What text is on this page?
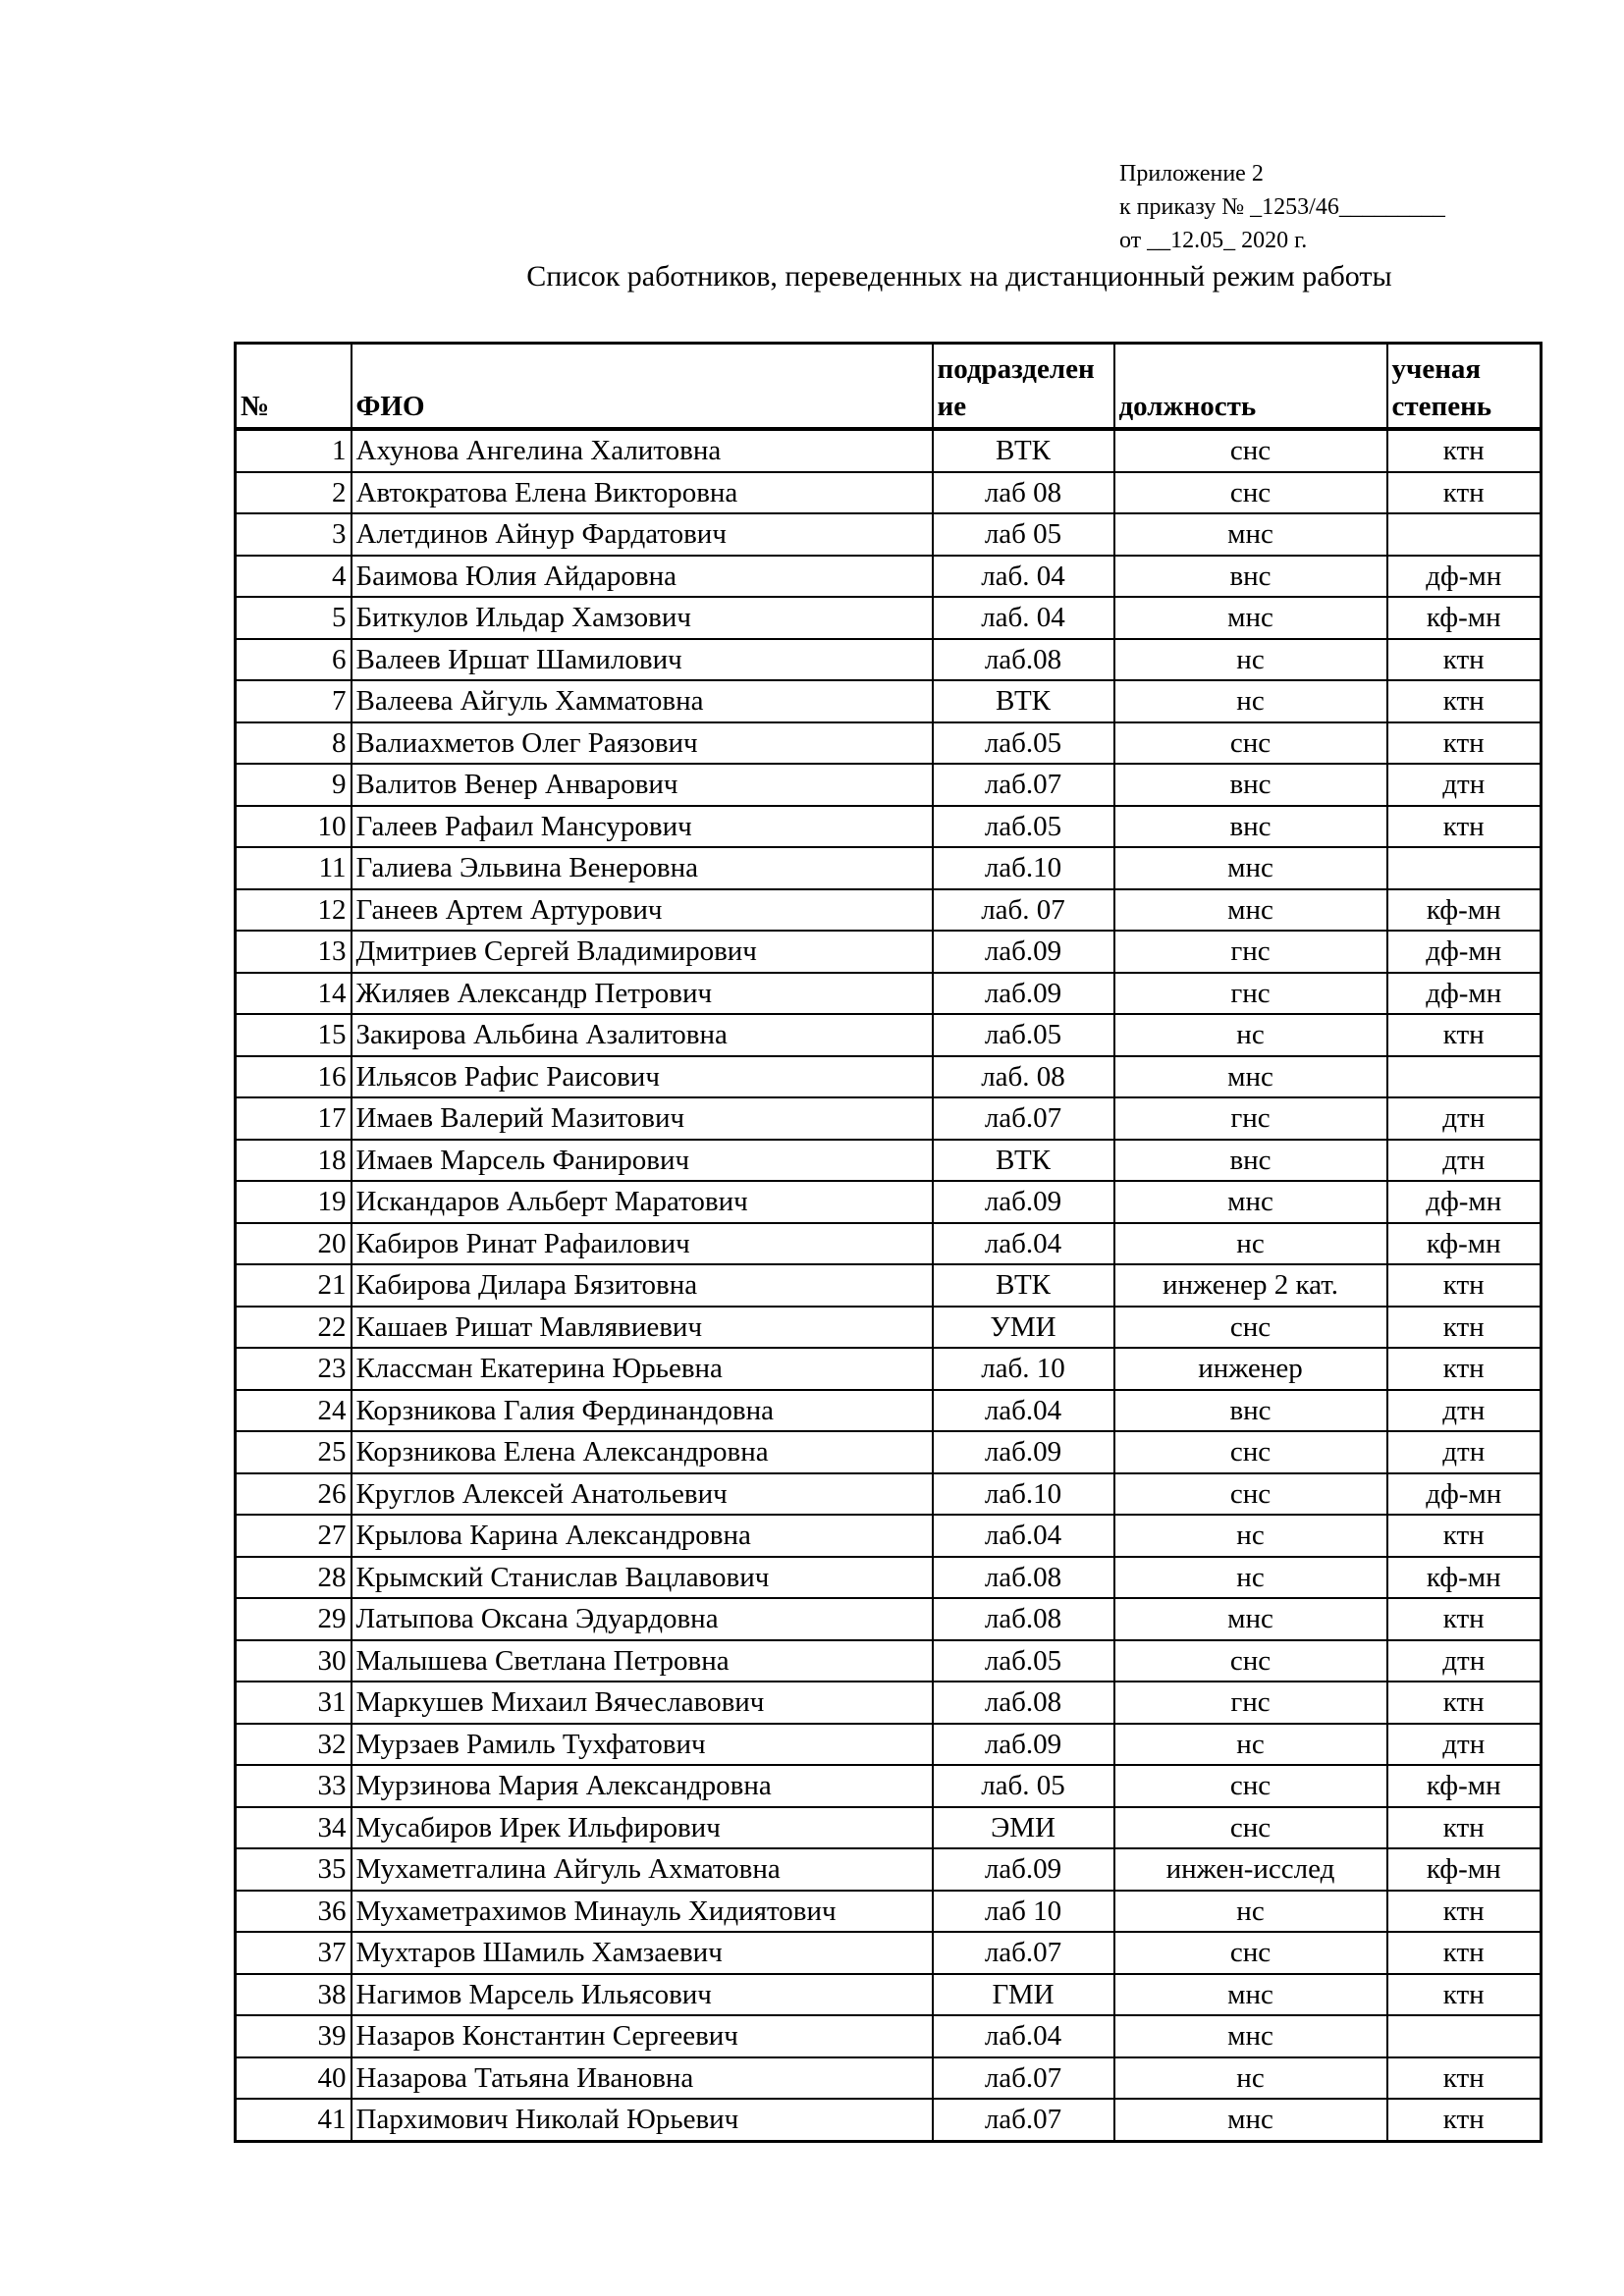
Приложение 2
к приказу № _1253/46_________
от __12.05_ 2020 г.
Список работников, переведенных на дистанционный режим работы
№	ФИО	подразделение	должность	ученая степень
1	Ахунова Ангелина Халитовна	ВТК	снс	ктн
2	Автократова Елена Викторовна	лаб 08	снс	ктн
3	Алетдинов Айнур Фардатович	лаб 05	мнс	
4	Баимова Юлия Айдаровна	лаб. 04	внс	дф-мн
5	Биткулов Ильдар Хамзович	лаб. 04	мнс	кф-мн
6	Валеев Иршат Шамилович	лаб.08	нс	ктн
7	Валеева Айгуль Хамматовна	ВТК	нс	ктн
8	Валиахметов Олег Раязович	лаб.05	снс	ктн
9	Валитов Венер Анварович	лаб.07	внс	дтн
10	Галеев Рафаил Мансурович	лаб.05	внс	ктн
11	Галиева Эльвина Венеровна	лаб.10	мнс	
12	Ганеев Артем Артурович	лаб. 07	мнс	кф-мн
13	Дмитриев Сергей Владимирович	лаб.09	гнс	дф-мн
14	Жиляев Александр Петрович	лаб.09	гнс	дф-мн
15	Закирова Альбина Азалитовна	лаб.05	нс	ктн
16	Ильясов Рафис Раисович	лаб. 08	мнс	
17	Имаев Валерий Мазитович	лаб.07	гнс	дтн
18	Имаев Марсель Фанирович	ВТК	внс	дтн
19	Искандаров Альберт Маратович	лаб.09	мнс	дф-мн
20	Кабиров Ринат Рафаилович	лаб.04	нс	кф-мн
21	Кабирова Дилара Бязитовна	ВТК	инженер 2 кат.	ктн
22	Кашаев Ришат Мавлявиевич	УМИ	снс	ктн
23	Классман Екатерина Юрьевна	лаб. 10	инженер	ктн
24	Корзникова Галия Фердинандовна	лаб.04	внс	дтн
25	Корзникова Елена Александровна	лаб.09	снс	дтн
26	Круглов Алексей Анатольевич	лаб.10	снс	дф-мн
27	Крылова Карина Александровна	лаб.04	нс	ктн
28	Крымский Станислав Вацлавович	лаб.08	нс	кф-мн
29	Латыпова Оксана Эдуардовна	лаб.08	мнс	ктн
30	Малышева Светлана Петровна	лаб.05	снс	дтн
31	Маркушев Михаил Вячеславович	лаб.08	гнс	ктн
32	Мурзаев Рамиль Тухфатович	лаб.09	нс	дтн
33	Мурзинова Мария Александровна	лаб. 05	снс	кф-мн
34	Мусабиров Ирек Ильфирович	ЭМИ	снс	ктн
35	Мухаметгалина Айгуль Ахматовна	лаб.09	инжен-исслед	кф-мн
36	Мухаметрахимов Минауль Хидиятович	лаб 10	нс	ктн
37	Мухтаров Шамиль Хамзаевич	лаб.07	снс	ктн
38	Нагимов Марсель Ильясович	ГМИ	мнс	ктн
39	Назаров Константин Сергеевич	лаб.04	мнс	
40	Назарова Татьяна Ивановна	лаб.07	нс	ктн
41	Пархимович Николай Юрьевич	лаб.07	мнс	ктн
